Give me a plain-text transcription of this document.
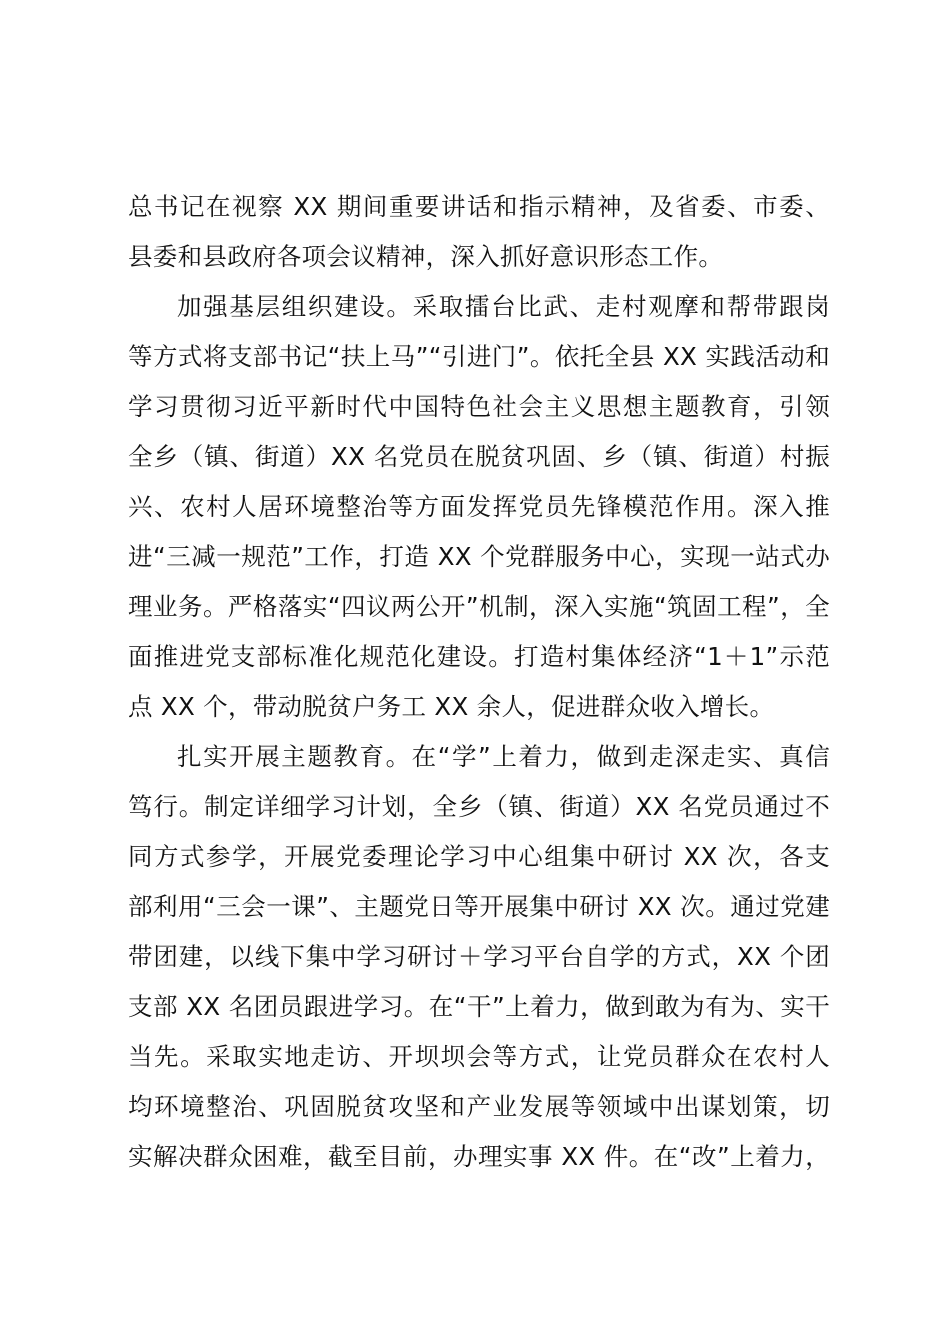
总书记在视察 XX 期间重要讲话和指示精神，及省委、市委、
县委和县政府各项会议精神，深入抓好意识形态工作。
加强基层组织建设。采取擂台比武、走村观摩和帮带跟岗
等方式将支部书记“扶上马”“引进门”。依托全县 XX 实践活动和
学习贯彻习近平新时代中国特色社会主义思想主题教育，引领
全乡（镇、街道）XX 名党员在脱贫巩固、乡（镇、街道）村振
兴、农村人居环境整治等方面发挥党员先锋模范作用。深入推
进“三减一规范”工作，打造 XX 个党群服务中心，实现一站式办
理业务。严格落实“四议两公开”机制，深入实施“筑固工程”，全
面推进党支部标准化规范化建设。打造村集体经济“1＋1”示范
点 XX 个，带动脱贫户务工 XX 余人，促进群众收入增长。
扎实开展主题教育。在“学”上着力，做到走深走实、真信
笃行。制定详细学习计划，全乡（镇、街道）XX 名党员通过不
同方式参学，开展党委理论学习中心组集中研讨 XX 次，各支
部利用“三会一课”、主题党日等开展集中研讨 XX 次。通过党建
带团建，以线下集中学习研讨＋学习平台自学的方式，XX 个团
支部 XX 名团员跟进学习。在“干”上着力，做到敢为有为、实干
当先。采取实地走访、开坝坝会等方式，让党员群众在农村人
均环境整治、巩固脱贫攻坚和产业发展等领域中出谋划策，切
实解决群众困难，截至目前，办理实事 XX 件。在“改”上着力，
